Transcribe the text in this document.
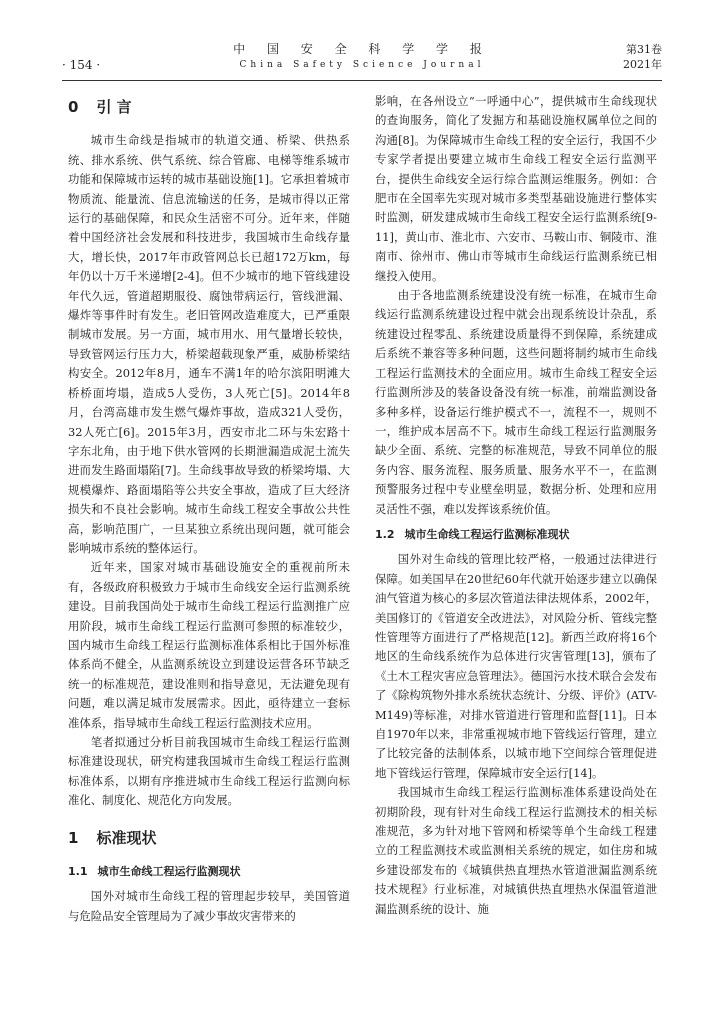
· 154 ·
中 国 安 全 科 学 学 报
China Safety Science Journal
第31卷
2021年
0 引 言

城市生命线是指城市的轨道交通、桥梁、供热系统、排水系统、供气系统、综合管廊、电梯等维系城市功能和保障城市运转的城市基础设施[1]。它承担着城市物质流、能量流、信息流输送的任务，是城市得以正常运行的基础保障，和民众生活密不可分。近年来，伴随着中国经济社会发展和科技进步，我国城市生命线存量大，增长快，2017年市政管网总长已超172万km，每年仍以十万千米递增[2-4]。但不少城市的地下管线建设年代久远，管道超期服役、腐蚀带病运行，管线泄漏、爆炸等事件时有发生。老旧管网改造难度大，已严重限制城市发展。另一方面，城市用水、用气量增长较快，导致管网运行压力大，桥梁超载现象严重，威胁桥梁结构安全。2012年8月，通车不满1年的哈尔滨阳明滩大桥桥面垮塌，造成5人受伤，3人死亡[5]。2014年8月，台湾高雄市发生燃气爆炸事故，造成321人受伤，32人死亡[6]。2015年3月，西安市北二环与朱宏路十字东北角，由于地下供水管网的长期泄漏造成泥土流失进而发生路面塌陷[7]。生命线事故导致的桥梁垮塌、大规模爆炸、路面塌陷等公共安全事故，造成了巨大经济损失和不良社会影响。城市生命线工程安全事故公共性高，影响范围广，一旦某独立系统出现问题，就可能会影响城市系统的整体运行。

近年来，国家对城市基础设施安全的重视前所未有，各级政府积极致力于城市生命线安全运行监测系统建设。目前我国尚处于城市生命线工程运行监测推广应用阶段，城市生命线工程运行监测可参照的标准较少，国内城市生命线工程运行监测标准体系相比于国外标准体系尚不健全，从监测系统设立到建设运营各环节缺乏统一的标准规范，建设准则和指导意见，无法避免现有问题，难以满足城市发展需求。因此，亟待建立一套标准体系，指导城市生命线工程运行监测技术应用。

笔者拟通过分析目前我国城市生命线工程运行监测标准建设现状，研究构建我国城市生命线工程运行监测标准体系，以期有序推进城市生命线工程运行监测向标准化、制度化、规范化方向发展。

1 标准现状
1.1 城市生命线工程运行监测现状

国外对城市生命线工程的管理起步较早，美国管道与危险品安全管理局为了减少事故灾害带来的

影响，在各州设立“一呼通中心”，提供城市生命线现状的查询服务，简化了发掘方和基础设施权属单位之间的沟通[8]。为保障城市生命线工程的安全运行，我国不少专家学者提出要建立城市生命线工程安全运行监测平台，提供生命线安全运行综合监测运维服务。例如：合肥市在全国率先实现对城市多类型基础设施进行整体实时监测，研发建成城市生命线工程安全运行监测系统[9-11]，黄山市、淮北市、六安市、马鞍山市、铜陵市、淮南市、徐州市、佛山市等城市生命线运行监测系统已相继投入使用。

由于各地监测系统建设没有统一标准，在城市生命线运行监测系统建设过程中就会出现系统设计杂乱，系统建设过程零乱、系统建设质量得不到保障，系统建成后系统不兼容等多种问题，这些问题将制约城市生命线工程运行监测技术的全面应用。城市生命线工程安全运行监测所涉及的装备设备没有统一标准，前端监测设备多种多样，设备运行维护模式不一，流程不一，规则不一，维护成本居高不下。城市生命线工程运行监测服务缺少全面、系统、完整的标准规范，导致不同单位的服务内容、服务流程、服务质量、服务水平不一，在监测预警服务过程中专业壁垒明显，数据分析、处理和应用灵活性不强，难以发挥该系统价值。

1.2 城市生命线工程运行监测标准现状

国外对生命线的管理比较严格，一般通过法律进行保障。如美国早在20世纪60年代就开始逐步建立以确保油气管道为核心的多层次管道法律法规体系，2002年，美国修订的《管道安全改进法》，对风险分析、管线完整性管理等方面进行了严格规范[12]。新西兰政府将16个地区的生命线系统作为总体进行灾害管理[13]，颁布了《土木工程灾害应急管理法》。德国污水技术联合会发布了《除构筑物外排水系统状态统计、分级、评价》(ATV-M149)等标准，对排水管道进行管理和监督[11]。日本自1970年以来，非常重视城市地下管线运行管理，建立了比较完备的法制体系，以城市地下空间综合管理促进地下管线运行管理，保障城市安全运行[14]。

我国城市生命线工程运行监测标准体系建设尚处在初期阶段，现有针对生命线工程运行监测技术的相关标准规范，多为针对地下管网和桥梁等单个生命线工程建立的工程监测技术或监测相关系统的规定，如住房和城乡建设部发布的《城镇供热直埋热水管道泄漏监测系统技术规程》行业标准，对城镇供热直埋热水保温管道泄漏监测系统的设计、施
